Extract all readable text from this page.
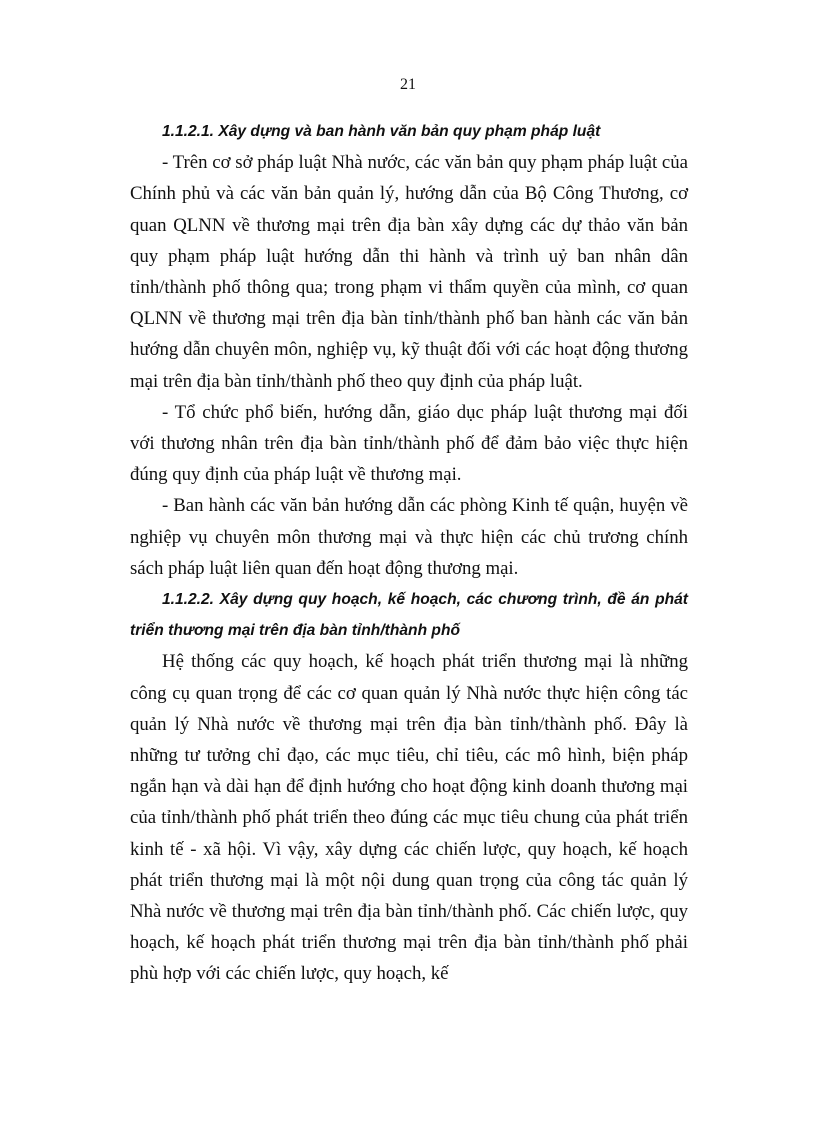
21

1.1.2.1. Xây dựng và ban hành văn bản quy phạm pháp luật

- Trên cơ sở pháp luật Nhà nước, các văn bản quy phạm pháp luật của Chính phủ và các văn bản quản lý, hướng dẫn của Bộ Công Thương, cơ quan QLNN về thương mại trên địa bàn xây dựng các dự thảo văn bản quy phạm pháp luật hướng dẫn thi hành và trình uỷ ban nhân dân tỉnh/thành phố thông qua; trong phạm vi thẩm quyền của mình, cơ quan QLNN về thương mại trên địa bàn tỉnh/thành phố ban hành các văn bản hướng dẫn chuyên môn, nghiệp vụ, kỹ thuật đối với các hoạt động thương mại trên địa bàn tỉnh/thành phố theo quy định của pháp luật.

- Tổ chức phổ biến, hướng dẫn, giáo dục pháp luật thương mại đối với thương nhân trên địa bàn tỉnh/thành phố để đảm bảo việc thực hiện đúng quy định của pháp luật về thương mại.

- Ban hành các văn bản hướng dẫn các phòng Kinh tế quận, huyện về nghiệp vụ chuyên môn thương mại và thực hiện các chủ trương chính sách pháp luật liên quan đến hoạt động thương mại.

1.1.2.2. Xây dựng quy hoạch, kế hoạch, các chương trình, đề án phát triển thương mại trên địa bàn tỉnh/thành phố

Hệ thống các quy hoạch, kế hoạch phát triển thương mại là những công cụ quan trọng để các cơ quan quản lý Nhà nước thực hiện công tác quản lý Nhà nước về thương mại trên địa bàn tỉnh/thành phố. Đây là những tư tưởng chỉ đạo, các mục tiêu, chỉ tiêu, các mô hình, biện pháp ngắn hạn và dài hạn để định hướng cho hoạt động kinh doanh thương mại của tỉnh/thành phố phát triển theo đúng các mục tiêu chung của phát triển kinh tế - xã hội. Vì vậy, xây dựng các chiến lược, quy hoạch, kế hoạch phát triển thương mại là một nội dung quan trọng của công tác quản lý Nhà nước về thương mại trên địa bàn tỉnh/thành phố. Các chiến lược, quy hoạch, kế hoạch phát triển thương mại trên địa bàn tỉnh/thành phố phải phù hợp với các chiến lược, quy hoạch, kế
